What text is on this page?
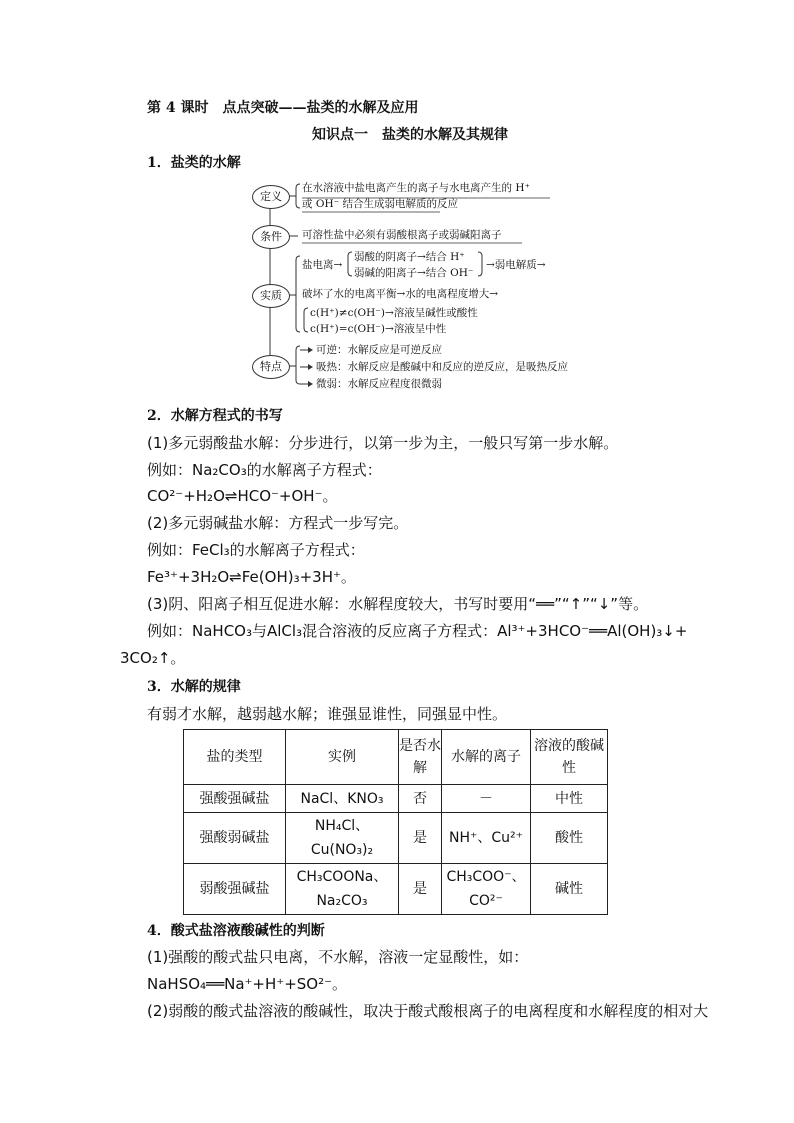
第 4 课时　点点突破——盐类的水解及应用
知识点一　盐类的水解及其规律
1．盐类的水解
定义
在水溶液中盐电离产生的离子与水电离产生的 H⁺
或 OH⁻ 结合生成弱电解质的反应
条件	可溶性盐中必须有弱酸根离子或弱碱阳离子
实质
盐电离→
弱酸的阴离子→结合 H⁺
弱碱的阳离子→结合 OH⁻
→弱电解质→
破坏了水的电离平衡→水的电离程度增大→
c(H⁺)≠c(OH⁻)→溶液呈碱性或酸性
c(H⁺)=c(OH⁻)→溶液呈中性
特点
可逆：水解反应是可逆反应
吸热：水解反应是酸碱中和反应的逆反应，是吸热反应
微弱：水解反应程度很微弱
2．水解方程式的书写
(1)多元弱酸盐水解：分步进行，以第一步为主，一般只写第一步水解。
例如：Na₂CO₃的水解离子方程式：
CO²⁻+H₂O⇌HCO⁻+OH⁻。
(2)多元弱碱盐水解：方程式一步写完。
例如：FeCl₃的水解离子方程式：
Fe³⁺+3H₂O⇌Fe(OH)₃+3H⁺。
(3)阴、阳离子相互促进水解：水解程度较大，书写时要用“══”“↑”“↓”等。
例如：NaHCO₃与AlCl₃混合溶液的反应离子方程式：Al³⁺+3HCO⁻══Al(OH)₃↓+
3CO₂↑。
3．水解的规律
有弱才水解，越弱越水解；谁强显谁性，同强显中性。
盐的类型	实例	是否水解	水解的离子	溶液的酸碱性
强酸强碱盐	NaCl、KNO₃	否	－	中性
强酸弱碱盐	NH₄Cl、Cu(NO₃)₂	是	NH⁺、Cu²⁺	酸性
弱酸强碱盐	CH₃COONa、Na₂CO₃	是	CH₃COO⁻、CO²⁻	碱性
4．酸式盐溶液酸碱性的判断
(1)强酸的酸式盐只电离，不水解，溶液一定显酸性，如：
NaHSO₄══Na⁺+H⁺+SO²⁻。
(2)弱酸的酸式盐溶液的酸碱性，取决于酸式酸根离子的电离程度和水解程度的相对大
